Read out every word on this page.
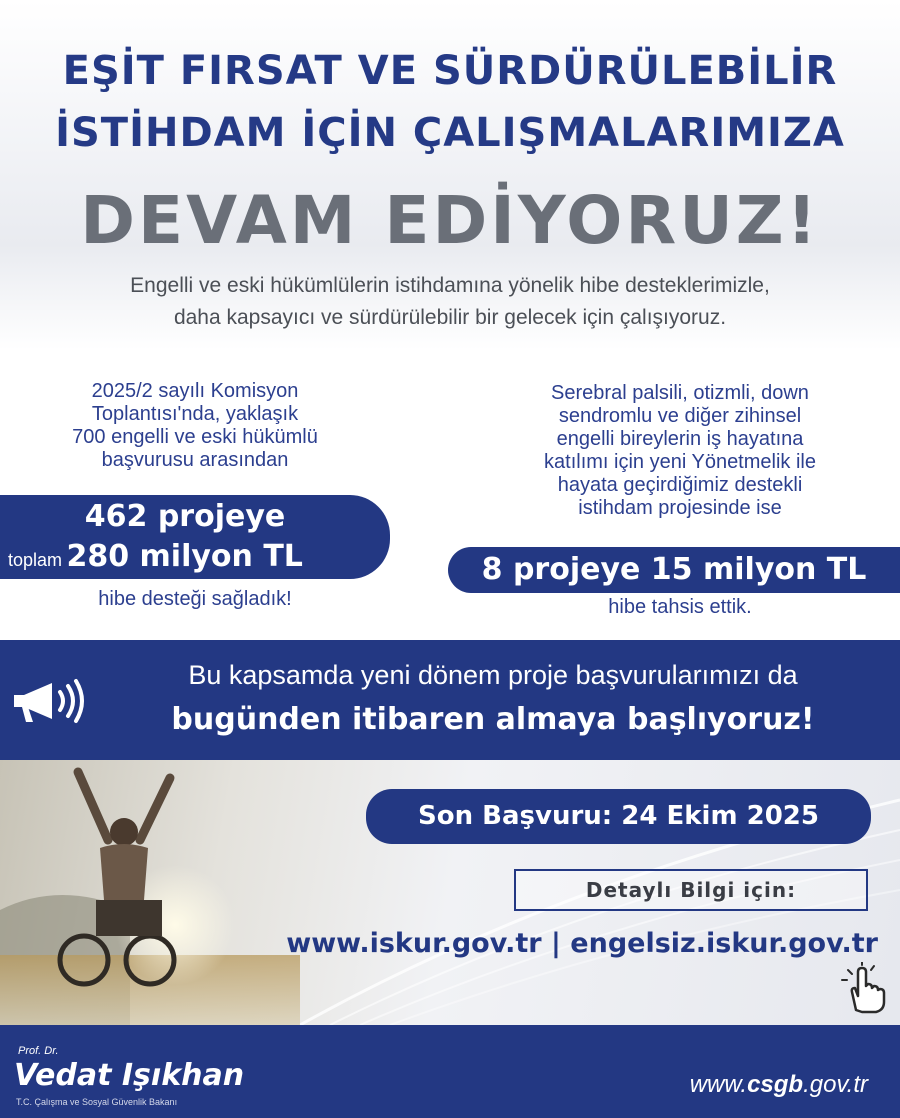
EŞİT FIRSAT VE SÜRDÜRÜLEBİLİR
İSTİHDAM İÇİN ÇALIŞMALARIMIZA
DEVAM EDİYORUZ!
Engelli ve eski hükümlülerin istihdamına yönelik hibe desteklerimizle,
daha kapsayıcı ve sürdürülebilir bir gelecek için çalışıyoruz.
2025/2 sayılı Komisyon
Toplantısı'nda, yaklaşık
700 engelli ve eski hükümlü
başvurusu arasından
462 projeye
toplam 280 milyon TL
hibe desteği sağladık!
Serebral palsili, otizmli, down
sendromlu ve diğer zihinsel
engelli bireylerin iş hayatına
katılımı için yeni Yönetmelik ile
hayata geçirdiğimiz destekli
istihdam projesinde ise
8 projeye 15 milyon TL
hibe tahsis ettik.
Bu kapsamda yeni dönem proje başvurularımızı da
bugünden itibaren almaya başlıyoruz!
Son Başvuru: 24 Ekim 2025
Detaylı Bilgi için:
www.iskur.gov.tr | engelsiz.iskur.gov.tr
Prof. Dr.
Vedat Işıkhan
T.C. Çalışma ve Sosyal Güvenlik Bakanı
www.csgb.gov.tr
